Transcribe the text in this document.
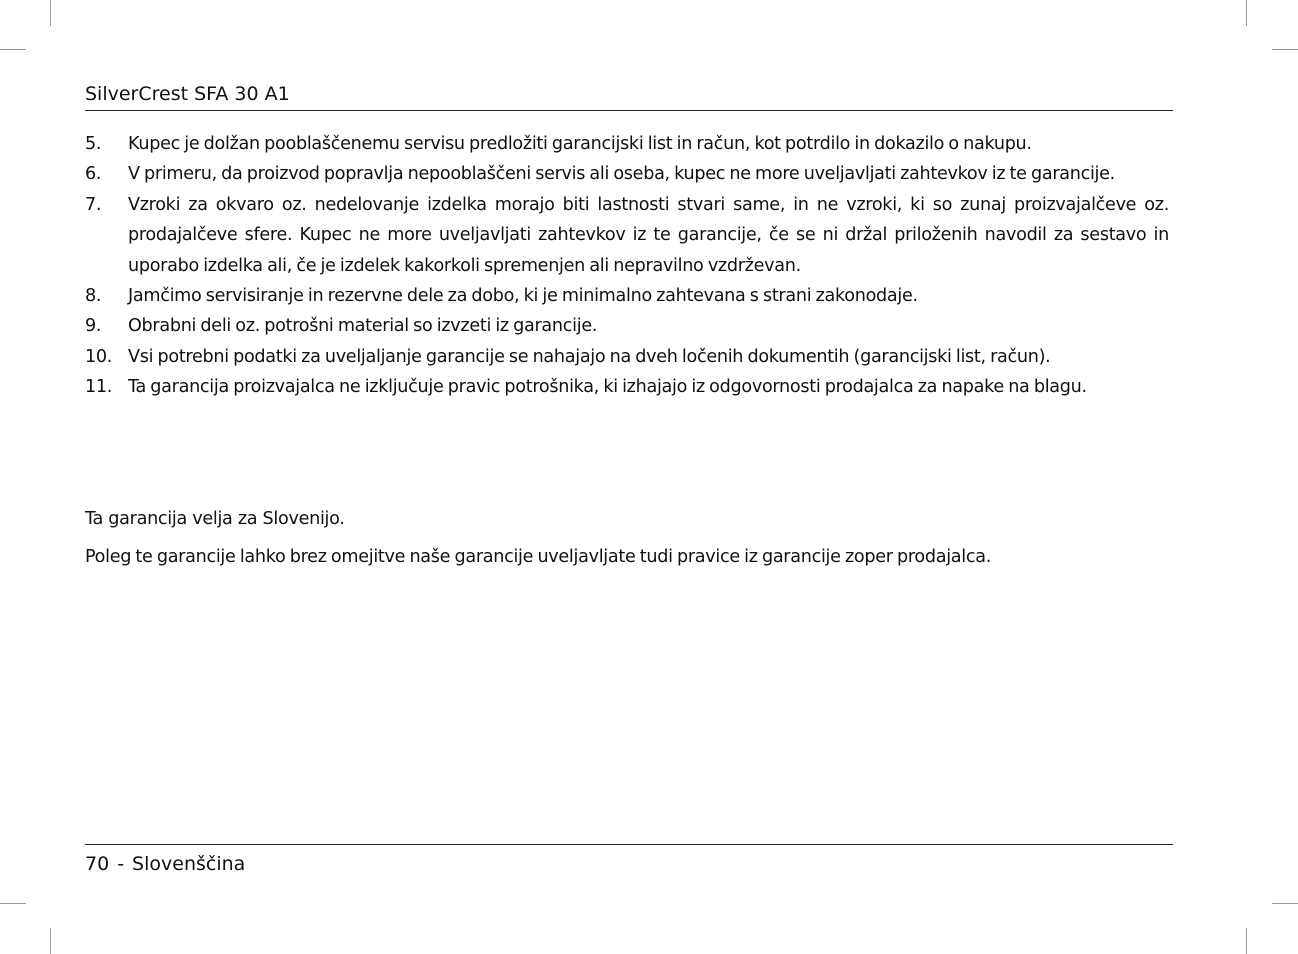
SilverCrest SFA 30 A1
5. Kupec je dolžan pooblaščenemu servisu predložiti garancijski list in račun, kot potrdilo in dokazilo o nakupu.
6. V primeru, da proizvod popravlja nepooblaščeni servis ali oseba, kupec ne more uveljavljati zahtevkov iz te garancije.
7. Vzroki za okvaro oz. nedelovanje izdelka morajo biti lastnosti stvari same, in ne vzroki, ki so zunaj proizvajalčeve oz. prodajalčeve sfere. Kupec ne more uveljavljati zahtevkov iz te garancije, če se ni držal priloženih navodil za sestavo in uporabo izdelka ali, če je izdelek kakorkoli spremenjen ali nepravilno vzdrževan.
8. Jamčimo servisiranje in rezervne dele za dobo, ki je minimalno zahtevana s strani zakonodaje.
9. Obrabni deli oz. potrošni material so izvzeti iz garancije.
10. Vsi potrebni podatki za uveljaljanje garancije se nahajajo na dveh ločenih dokumentih (garancijski list, račun).
11. Ta garancija proizvajalca ne izključuje pravic potrošnika, ki izhajajo iz odgovornosti prodajalca za napake na blagu.
Ta garancija velja za Slovenijo.
Poleg te garancije lahko brez omejitve naše garancije uveljavljate tudi pravice iz garancije zoper prodajalca.
70 - Slovenščina
